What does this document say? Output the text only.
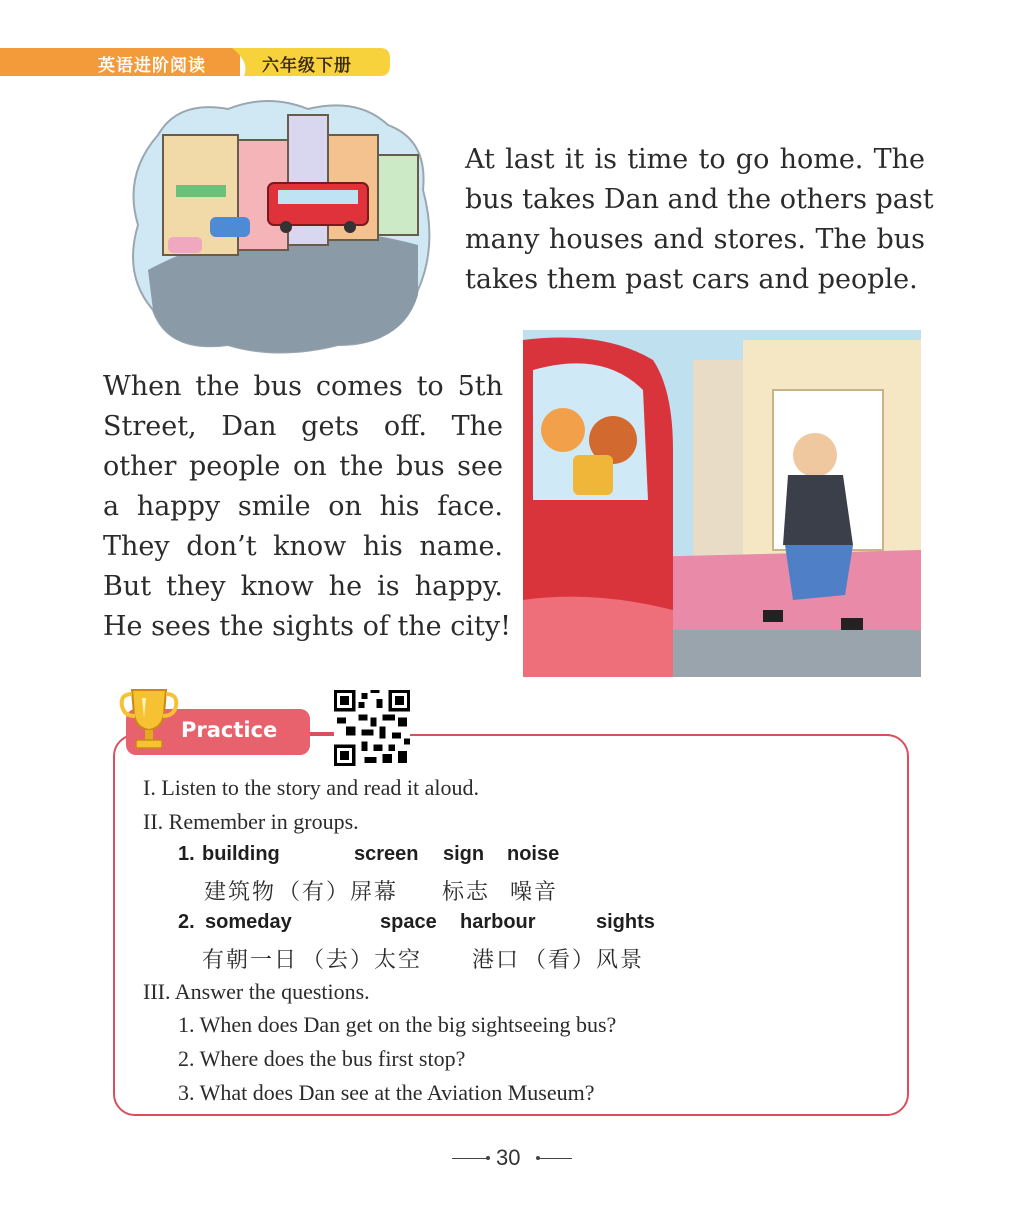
英语进阶阅读	六年级下册
At last it is time to go home. The
bus takes Dan and the others past
many houses and stores. The bus
takes them past cars and people.
When the bus comes to 5th
Street, Dan gets off. The
other people on the bus see
a happy smile on his face.
They don’t know his name.
But they know he is happy.
He sees the sights of the city!
Practice
I. Listen to the story and read it aloud.
II. Remember in groups.
1. building	screen sign noise
建筑物 （有）屏幕 标志 噪音
2. someday	space harbour	sights
有朝一日 （去）太空 港口 （看）风景
III. Answer the questions.
1. When does Dan get on the big sightseeing bus?
2. Where does the bus first stop?
3. What does Dan see at the Aviation Museum?
30
